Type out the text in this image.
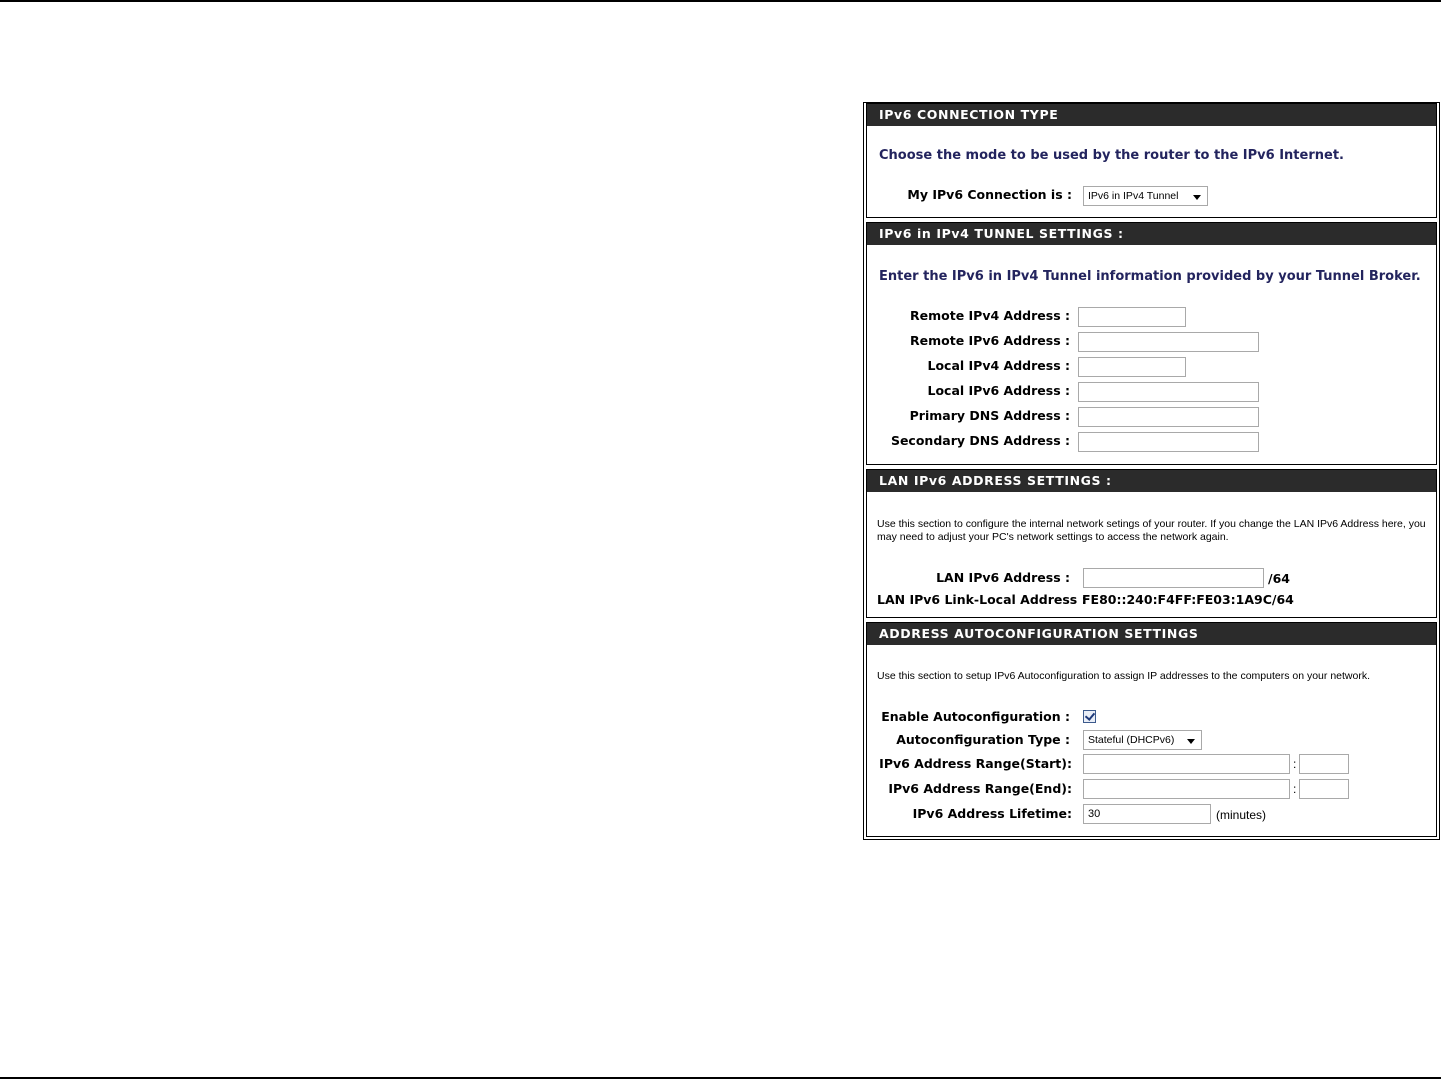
IPv6 CONNECTION TYPE
Choose the mode to be used by the router to the IPv6 Internet.
My IPv6 Connection is :	IPv6 in IPv4 Tunnel
IPv6 in IPv4 TUNNEL SETTINGS :
Enter the IPv6 in IPv4 Tunnel information provided by your Tunnel Broker.
Remote IPv4 Address :
Remote IPv6 Address :
Local IPv4 Address :
Local IPv6 Address :
Primary DNS Address :
Secondary DNS Address :
LAN IPv6 ADDRESS SETTINGS :
Use this section to configure the internal network setings of your router. If you change the LAN IPv6 Address here, you may need to adjust your PC's network settings to access the network again.
LAN IPv6 Address :	/64
LAN IPv6 Link-Local Address :
FE80::240:F4FF:FE03:1A9C/64
ADDRESS AUTOCONFIGURATION SETTINGS
Use this section to setup IPv6 Autoconfiguration to assign IP addresses to the computers on your network.
Enable Autoconfiguration :
Autoconfiguration Type :	Stateful (DHCPv6)
IPv6 Address Range(Start):	:
IPv6 Address Range(End):	:
IPv6 Address Lifetime:	30	(minutes)
